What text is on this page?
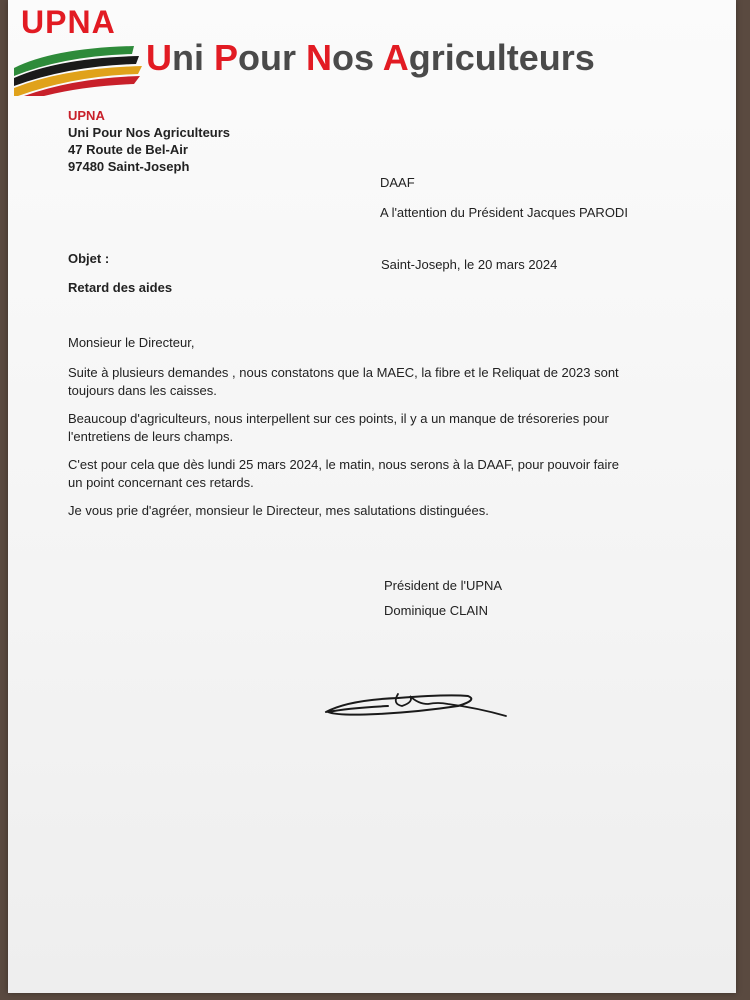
UPNA
Uni Pour Nos Agriculteurs
UPNA
Uni Pour Nos Agriculteurs
47 Route de Bel-Air
97480 Saint-Joseph
DAAF
A l'attention du Président Jacques PARODI
Objet :
Retard des aides
Saint-Joseph, le 20 mars 2024

Monsieur le Directeur,

Suite à plusieurs demandes , nous constatons que la MAEC, la fibre et le Reliquat de 2023 sont toujours dans les caisses.

Beaucoup d'agriculteurs, nous interpellent sur ces points, il y a un manque de trésoreries pour l'entretiens de leurs champs.

C'est pour cela que dès lundi 25 mars 2024, le matin, nous serons à la DAAF, pour pouvoir faire un point concernant ces retards.

Je vous prie d'agréer, monsieur le Directeur, mes salutations distinguées.

Président de l'UPNA
Dominique CLAIN
